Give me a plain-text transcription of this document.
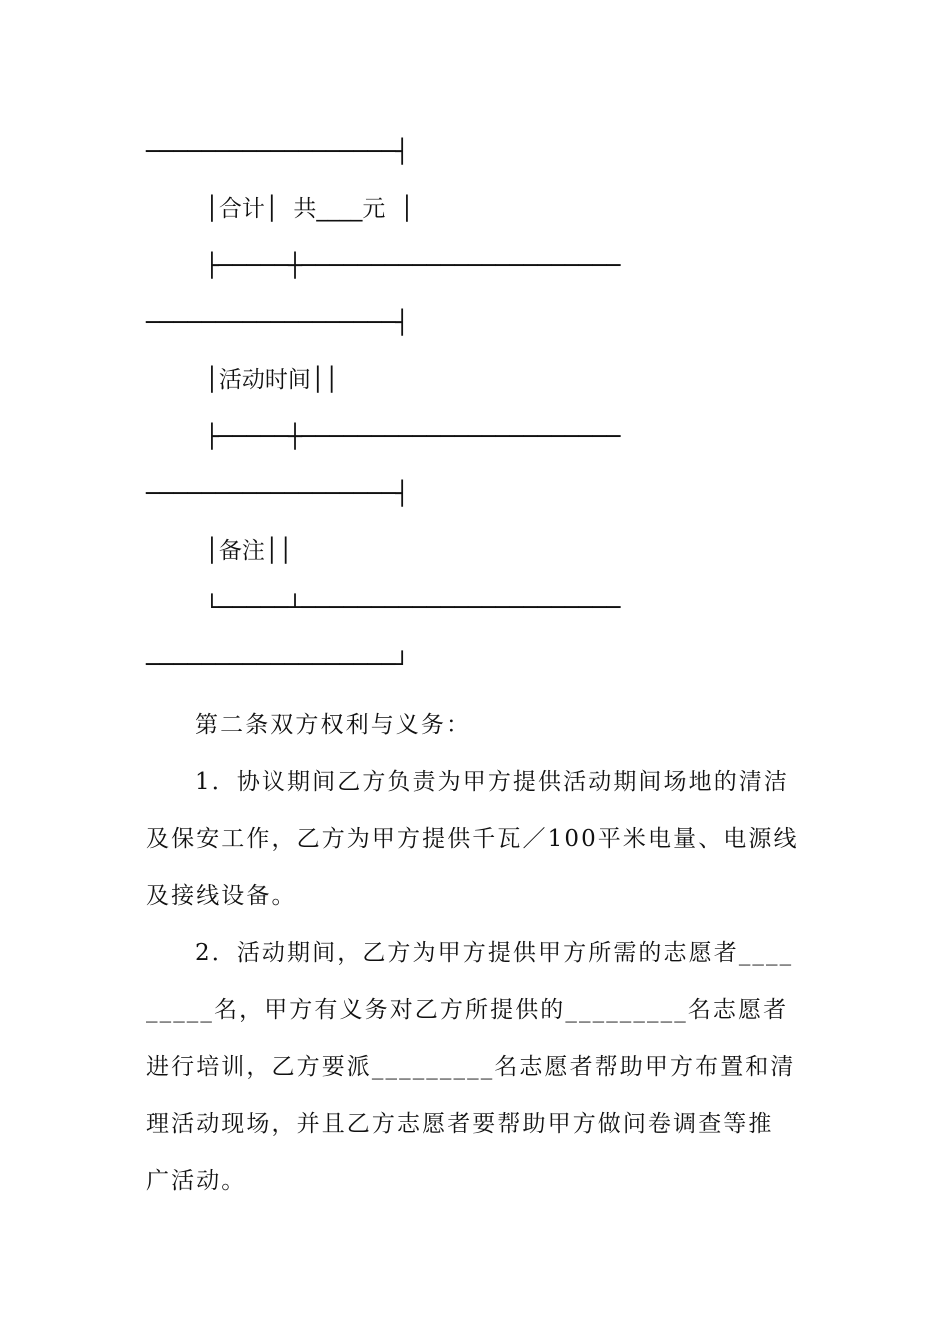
──────────────────┤
│合计│  共____元  │
├─────┼───────────────────────
──────────────────┤
│活动时间││
├─────┼───────────────────────
──────────────────┤
│备注││
└─────┴───────────────────────
──────────────────┘
第二条双方权利与义务：
1．协议期间乙方负责为甲方提供活动期间场地的清洁
及保安工作，乙方为甲方提供千瓦／100平米电量、电源线
及接线设备。
2．活动期间，乙方为甲方提供甲方所需的志愿者____
_____名，甲方有义务对乙方所提供的_________名志愿者
进行培训，乙方要派_________名志愿者帮助甲方布置和清
理活动现场，并且乙方志愿者要帮助甲方做问卷调查等推
广活动。
